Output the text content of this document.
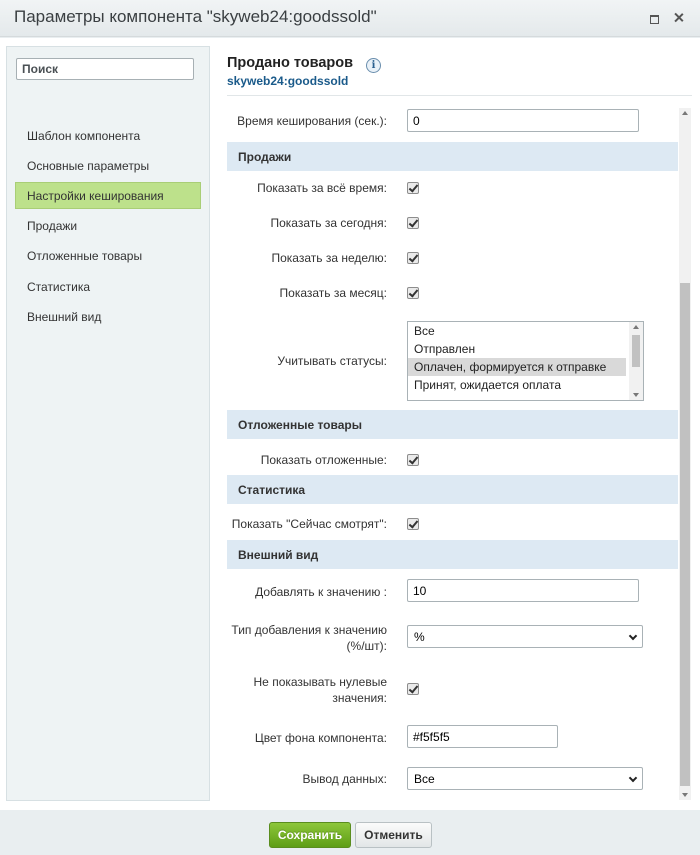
Параметры компонента "skyweb24:goodssold"
Поиск
Шаблон компонента
Основные параметры
Настройки кеширования
Продажи
Отложенные товары
Статистика
Внешний вид
Продано товаров	i
skyweb24:goodssold
Время кеширования (сек.):
0
Продажи
Показать за всё время:
Показать за сегодня:
Показать за неделю:
Показать за месяц:
Учитывать статусы:
Все
Отправлен
Оплачен, формируется к отправке
Принят, ожидается оплата
Отложенные товары
Показать отложенные:
Статистика
Показать "Сейчас смотрят":
Внешний вид
Добавлять к значению :
10
Тип добавления к значению
(%/шт):
%
Не показывать нулевые
значения:
Цвет фона компонента:
#f5f5f5
Вывод данных:	Все
Сохранить	Отменить
